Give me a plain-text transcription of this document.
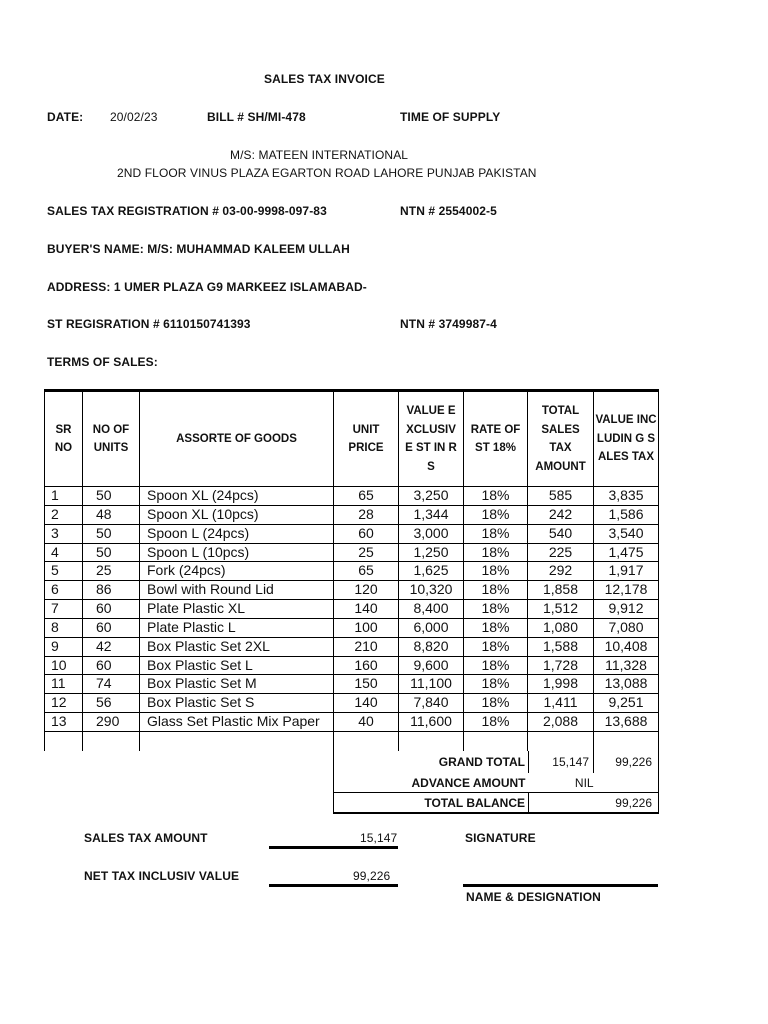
SALES TAX INVOICE
DATE: 20/02/23	BILL # SH/MI-478	TIME OF SUPPLY
M/S: MATEEN INTERNATIONAL
2ND FLOOR VINUS PLAZA EGARTON ROAD LAHORE PUNJAB PAKISTAN
SALES TAX REGISTRATION # 03-00-9998-097-83	NTN # 2554002-5
BUYER'S NAME: M/S: MUHAMMAD KALEEM ULLAH
ADDRESS: 1 UMER PLAZA G9 MARKEEZ ISLAMABAD-
ST REGISRATION # 6110150741393	NTN # 3749987-4
TERMS OF SALES:
SR NO	NO OF UNITS	ASSORTE OF GOODS	UNIT PRICE	VALUE EXCLUSIV E ST IN RS	RATE OF ST 18%	TOTAL SALES TAX AMOUNT	VALUE INCLUDIN G SALES TAX
1	50	Spoon XL (24pcs)	65	3,250	18%	585	3,835
2	48	Spoon XL (10pcs)	28	1,344	18%	242	1,586
3	50	Spoon L (24pcs)	60	3,000	18%	540	3,540
4	50	Spoon L (10pcs)	25	1,250	18%	225	1,475
5	25	Fork (24pcs)	65	1,625	18%	292	1,917
6	86	Bowl with Round Lid	120	10,320	18%	1,858	12,178
7	60	Plate Plastic XL	140	8,400	18%	1,512	9,912
8	60	Plate Plastic L	100	6,000	18%	1,080	7,080
9	42	Box Plastic Set 2XL	210	8,820	18%	1,588	10,408
10	60	Box Plastic Set L	160	9,600	18%	1,728	11,328
11	74	Box Plastic Set M	150	11,100	18%	1,998	13,088
12	56	Box Plastic Set S	140	7,840	18%	1,411	9,251
13	290	Glass Set Plastic Mix Paper	40	11,600	18%	2,088	13,688

GRAND TOTAL	15,147	99,226
ADVANCE AMOUNT	NIL	
TOTAL BALANCE	99,226	
SALES TAX AMOUNT	15,147
NET TAX INCLUSIV VALUE	99,226
SIGNATURE
NAME & DESIGNATION
